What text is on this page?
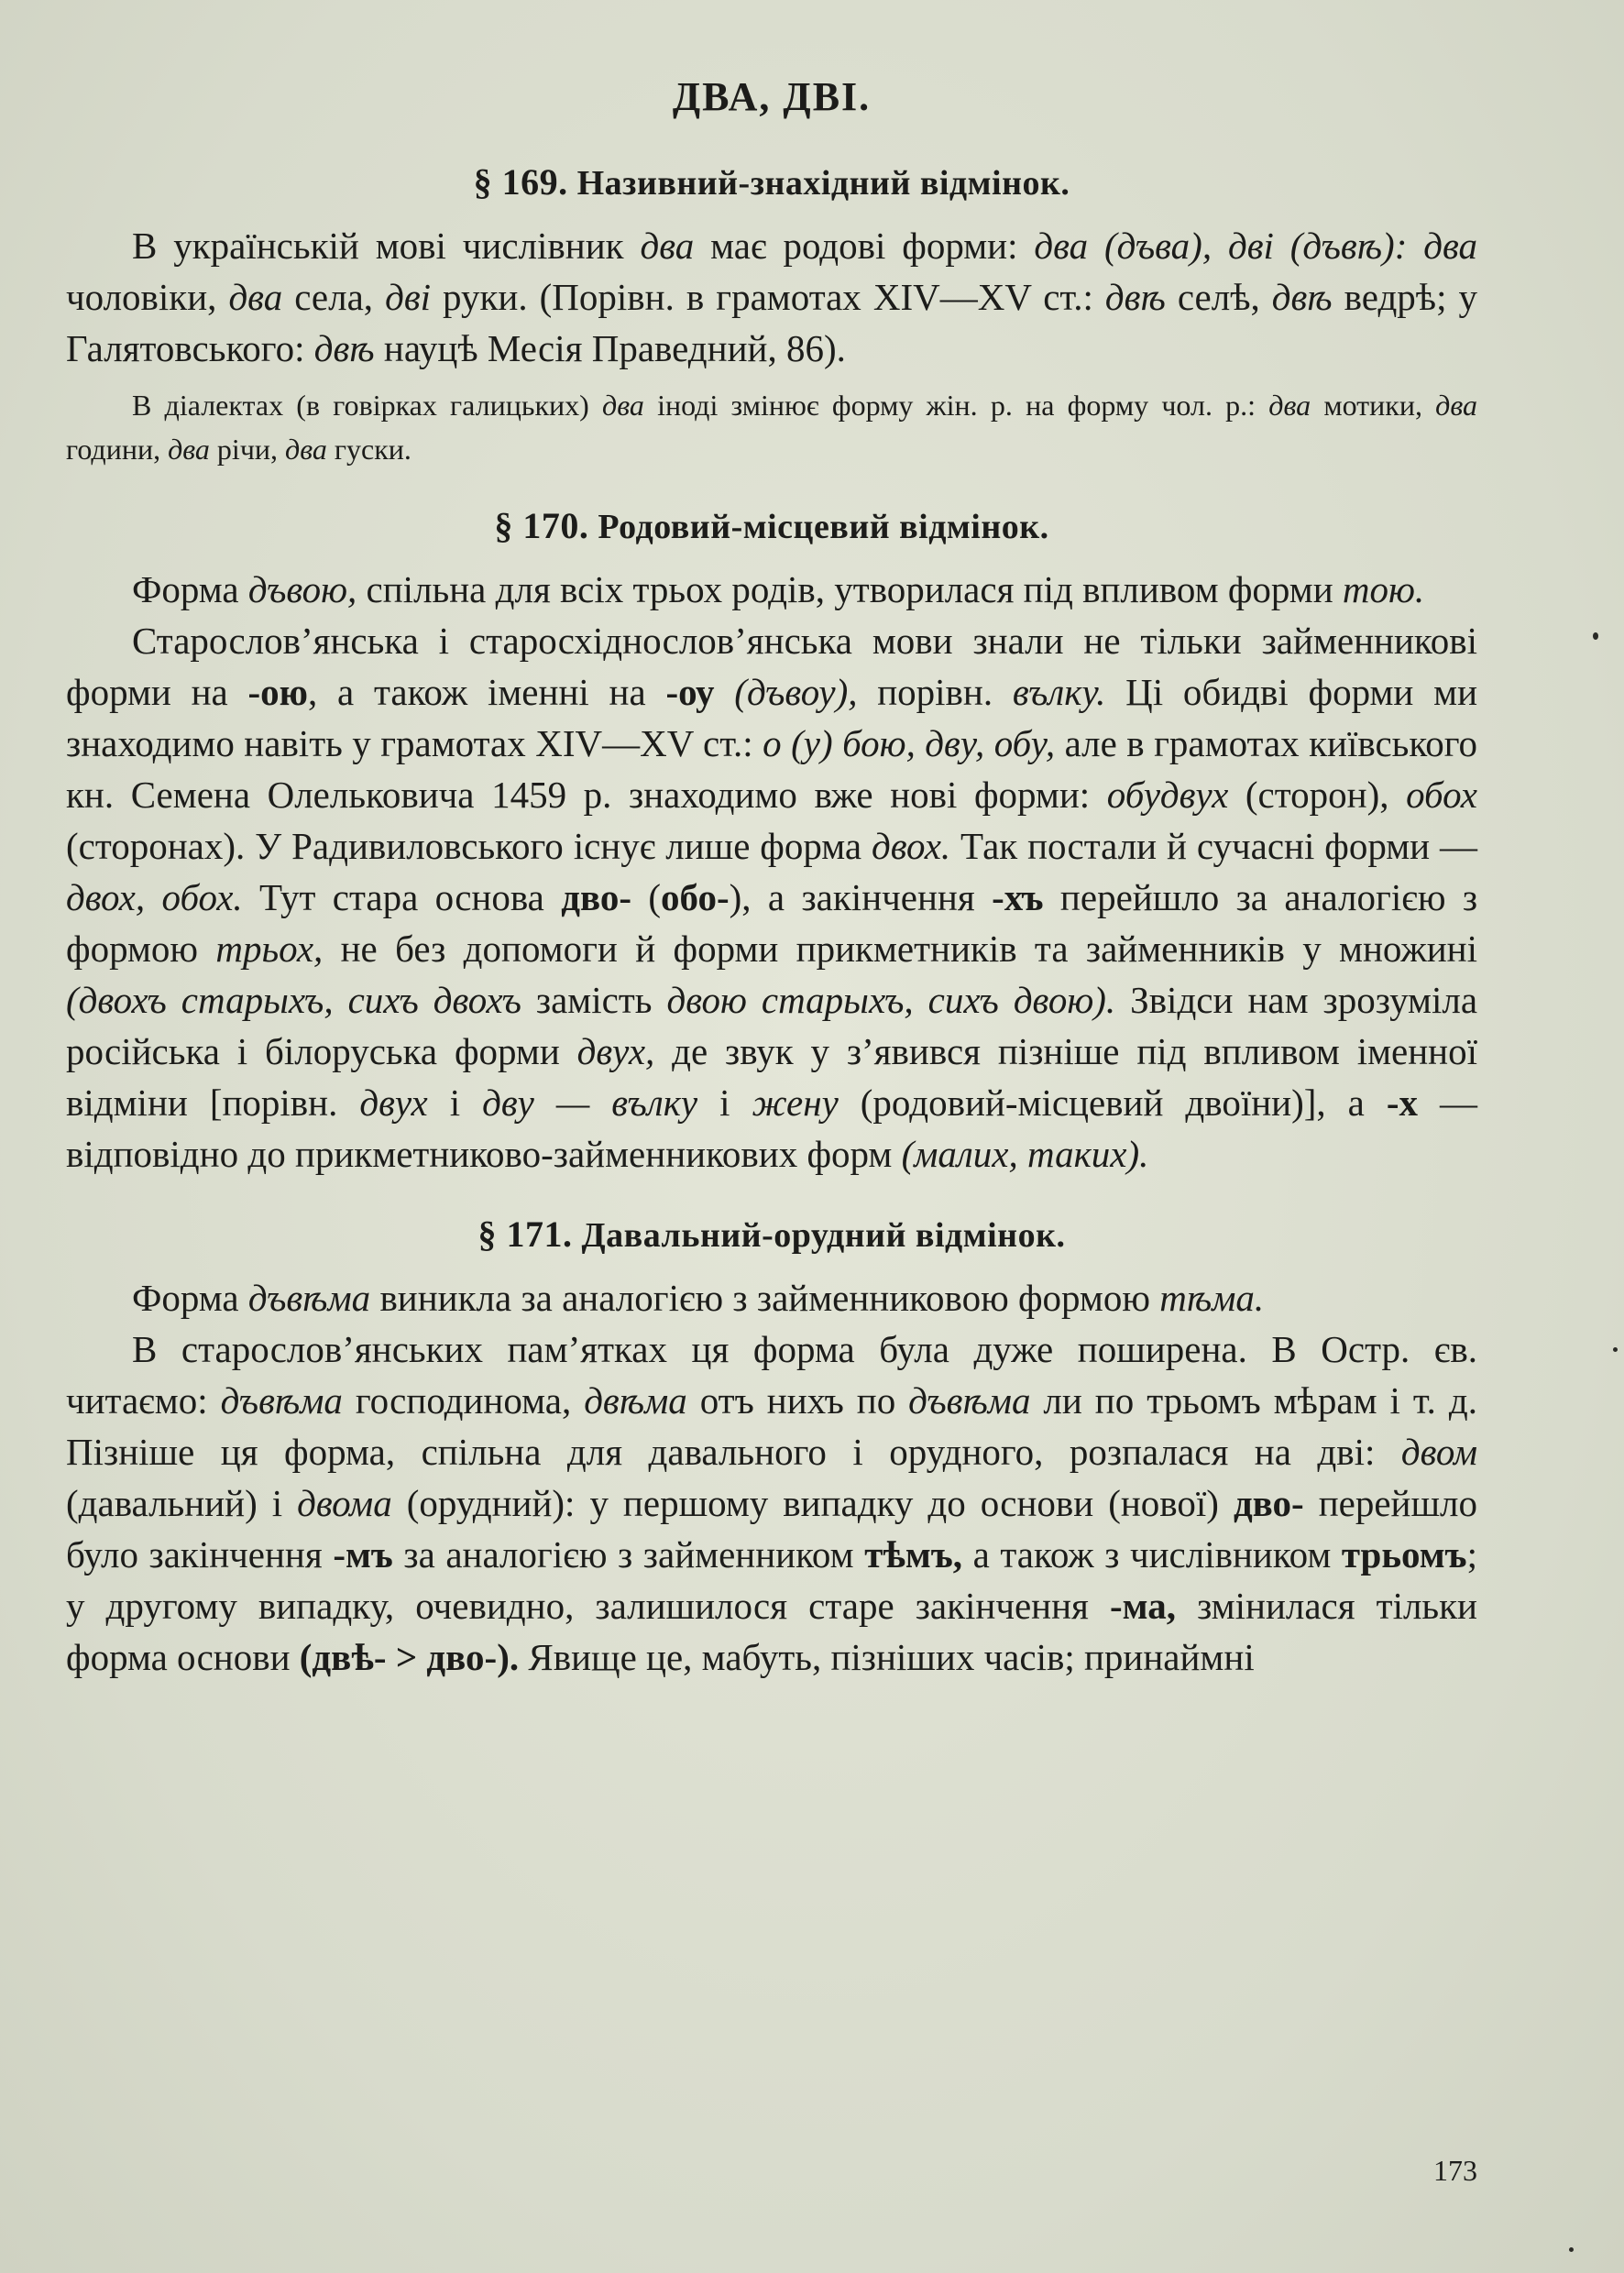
ДВА, ДВІ.
§ 169. Називний-знахідний відмінок.

В українській мові числівник два має родові форми: два (дъва), дві (дъвѣ): два чоловіки, два села, дві руки. (Порівн. в грамотах XIV—XV ст.: двѣ селѣ, двѣ ведрѣ; у Галятовського: двѣ науцѣ Месія Праведний, 86).

В діалектах (в говірках галицьких) два іноді змінює форму жін. р. на форму чол. р.: два мотики, два години, два річи, два гуски.

§ 170. Родовий-місцевий відмінок.

Форма дъвою, спільна для всіх трьох родів, утворилася під впливом форми тою.

Старослов’янська і старосхіднослов’янська мови знали не тільки займенникові форми на -ою, а також іменні на -оу (дъвоу), порівн. вълку. Ці обидві форми ми знаходимо навіть у грамотах XIV—XV ст.: о (у) бою, дву, обу, але в грамотах київського кн. Семена Олельковича 1459 р. знаходимо вже нові форми: обудвух (сторон), обох (сторонах). У Радивиловського існує лише форма двох. Так постали й сучасні форми — двох, обох. Тут стара основа дво- (обо-), а закінчення -хъ перейшло за аналогією з формою трьох, не без допомоги й форми прикметників та займенників у множині (двохъ старыхъ, сихъ двохъ замість двою старыхъ, сихъ двою). Звідси нам зрозуміла російська і білоруська форми двух, де звук у з’явився пізніше під впливом іменної відміни [порівн. двух і дву — вълку і жену (родовий-місцевий двоїни)], а -х — відповідно до прикметниково-займенникових форм (малих, таких).

§ 171. Давальний-орудний відмінок.

Форма дъвѣма виникла за аналогією з займенниковою формою тѣма.

В старослов’янських пам’ятках ця форма була дуже поширена. В Остр. єв. читаємо: дъвѣма господинома, двѣма отъ нихъ по дъвѣма ли по трьомъ мѣрам і т. д. Пізніше ця форма, спільна для давального і орудного, розпалася на дві: двом (давальний) і двома (орудний): у першому випадку до основи (нової) дво- перейшло було закінчення -мъ за аналогією з займенником тѣмъ, а також з числівником трьомъ; у другому випадку, очевидно, залишилося старе закінчення -ма, змінилася тільки форма основи (двѣ- > дво-). Явище це, мабуть, пізніших часів; принаймні

173
